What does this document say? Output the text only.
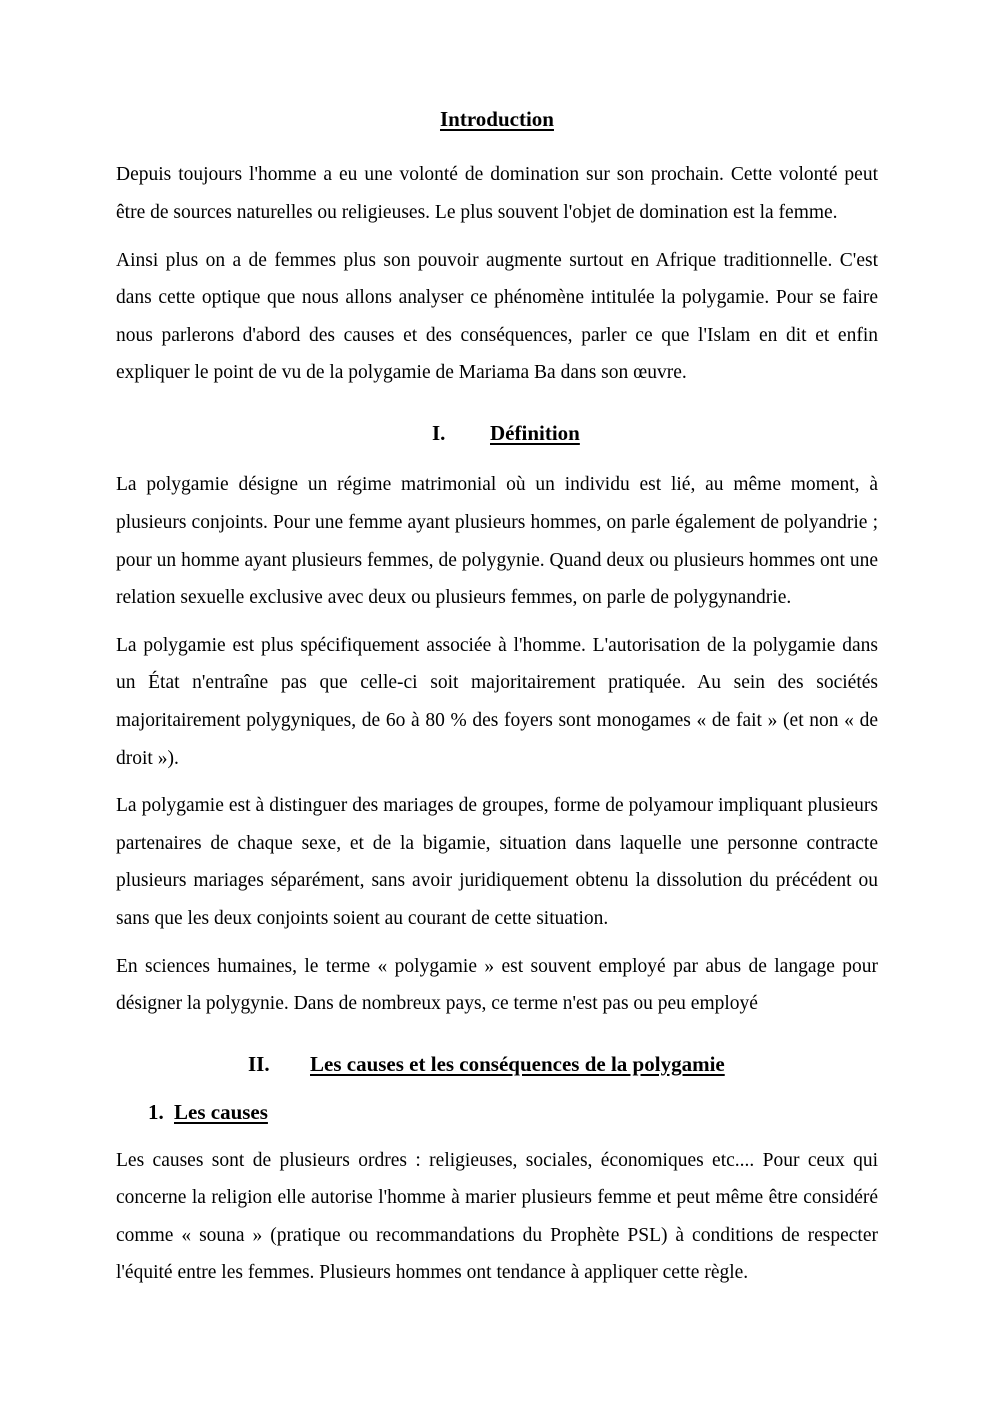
Introduction

Depuis toujours l'homme a eu une volonté de domination sur son prochain. Cette volonté peut être de sources naturelles ou religieuses. Le plus souvent l'objet de domination est la femme.

Ainsi plus on a de femmes plus son pouvoir augmente surtout en Afrique traditionnelle. C'est dans cette optique que nous allons analyser ce phénomène intitulée la polygamie. Pour se faire nous parlerons d'abord des causes et des conséquences, parler ce que l'Islam en dit et enfin expliquer le point de vu de la polygamie de Mariama Ba dans son œuvre.

I.	Définition

La polygamie désigne un régime matrimonial où un individu est lié, au même moment, à plusieurs conjoints. Pour une femme ayant plusieurs hommes, on parle également de polyandrie ; pour un homme ayant plusieurs femmes, de polygynie. Quand deux ou plusieurs hommes ont une relation sexuelle exclusive avec deux ou plusieurs femmes, on parle de polygynandrie.

La polygamie est plus spécifiquement associée à l'homme. L'autorisation de la polygamie dans un État n'entraîne pas que celle-ci soit majoritairement pratiquée. Au sein des sociétés majoritairement polygyniques, de 6o à 80 % des foyers sont monogames « de fait » (et non « de droit »).

La polygamie est à distinguer des mariages de groupes, forme de polyamour impliquant plusieurs partenaires de chaque sexe, et de la bigamie, situation dans laquelle une personne contracte plusieurs mariages séparément, sans avoir juridiquement obtenu la dissolution du précédent ou sans que les deux conjoints soient au courant de cette situation.

En sciences humaines, le terme « polygamie » est souvent employé par abus de langage pour désigner la polygynie. Dans de nombreux pays, ce terme n'est pas ou peu employé

II.	Les causes et les conséquences de la polygamie
1. Les causes

Les causes sont de plusieurs ordres : religieuses, sociales, économiques etc.... Pour ceux qui concerne la religion elle autorise l'homme à marier plusieurs femme et peut même être considéré comme « souna » (pratique ou recommandations du Prophète PSL) à conditions de respecter l'équité entre les femmes. Plusieurs hommes ont tendance à appliquer cette règle.
